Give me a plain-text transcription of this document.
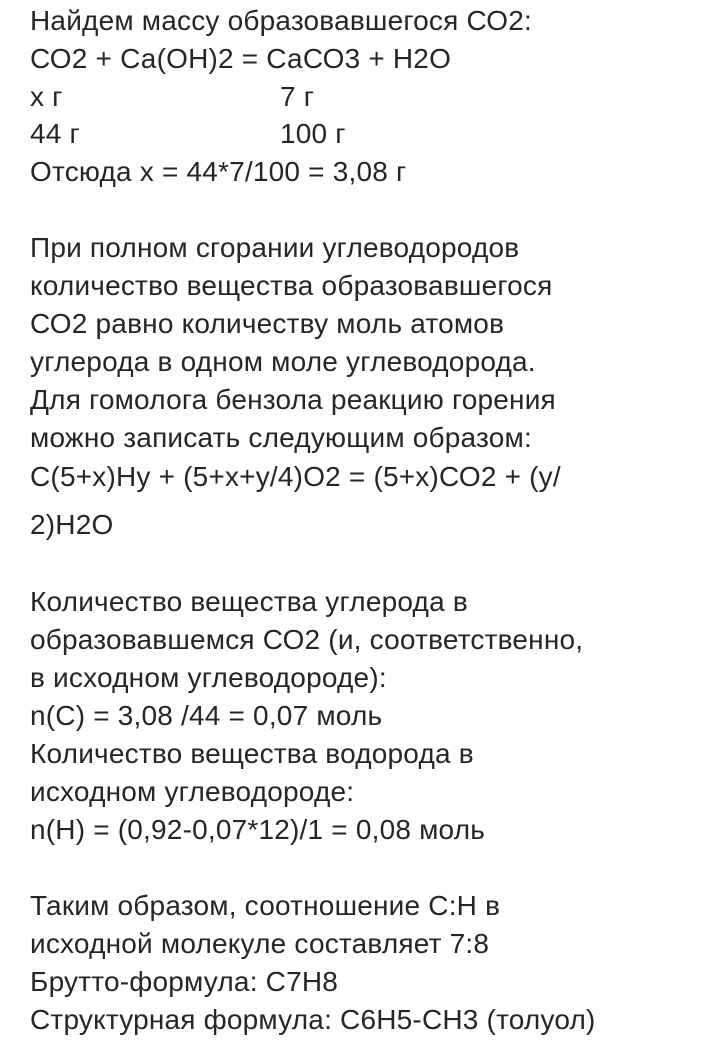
Найдем массу образовавшегося СО2:
СО2 + Са(ОН)2 = СаСО3 + Н2О
x г	7 г
44 г	100 г
Отсюда х = 44*7/100 = 3,08 г
При полном сгорании углеводородов
количество вещества образовавшегося
СО2 равно количеству моль атомов
углерода в одном моле углеводорода.
Для гомолога бензола реакцию горения
можно записать следующим образом:
С(5+х)Ну + (5+х+у/4)О2 = (5+х)СО2 + (у/
2)Н2О
Количество вещества углерода в
образовавшемся СО2 (и, соответственно,
в исходном углеводороде):
n(C) = 3,08 /44 = 0,07 моль
Количество вещества водорода в
исходном углеводороде:
n(H) = (0,92-0,07*12)/1 = 0,08 моль
Таким образом, соотношение С:Н в
исходной молекуле составляет 7:8
Брутто-формула: С7Н8
Структурная формула: С6Н5-СН3 (толуол)
